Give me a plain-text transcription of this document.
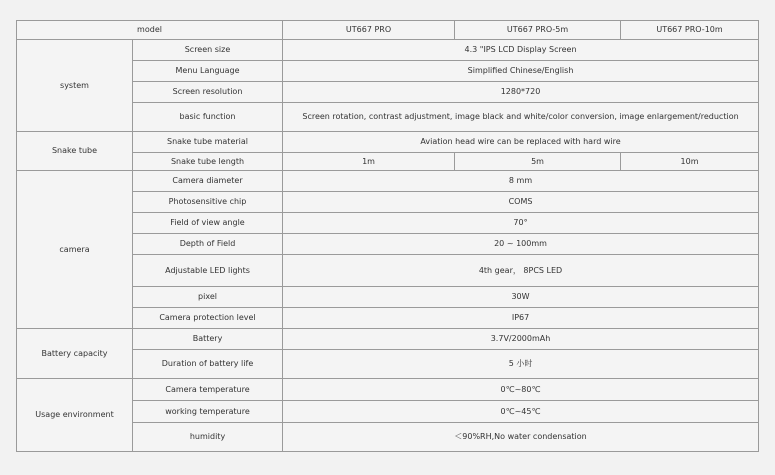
model		UT667 PRO	UT667 PRO-5m	UT667 PRO-10m
system	Screen size	4.3 "IPS LCD Display Screen		
	Menu Language	Simplified Chinese/English		
	Screen resolution	1280*720		
	basic function	Screen rotation, contrast adjustment, image black and white/color conversion, image enlargement/reduction		
Snake tube	Snake tube material	Aviation head wire can be replaced with hard wire		
	Snake tube length	1m	5m	10m
camera	Camera diameter	8 mm		
	Photosensitive chip	COMS		
	Field of view angle	70°		
	Depth of Field	20 ~ 100mm		
	Adjustable LED lights	4th gear， 8PCS LED		
	pixel	30W		
	Camera protection level	IP67		
Battery capacity	Battery	3.7V/2000mAh		
	Duration of battery life	5 小时		
Usage environment	Camera temperature	0℃~80℃		
	working temperature	0℃~45℃		
	humidity	＜90%RH,No water condensation		
